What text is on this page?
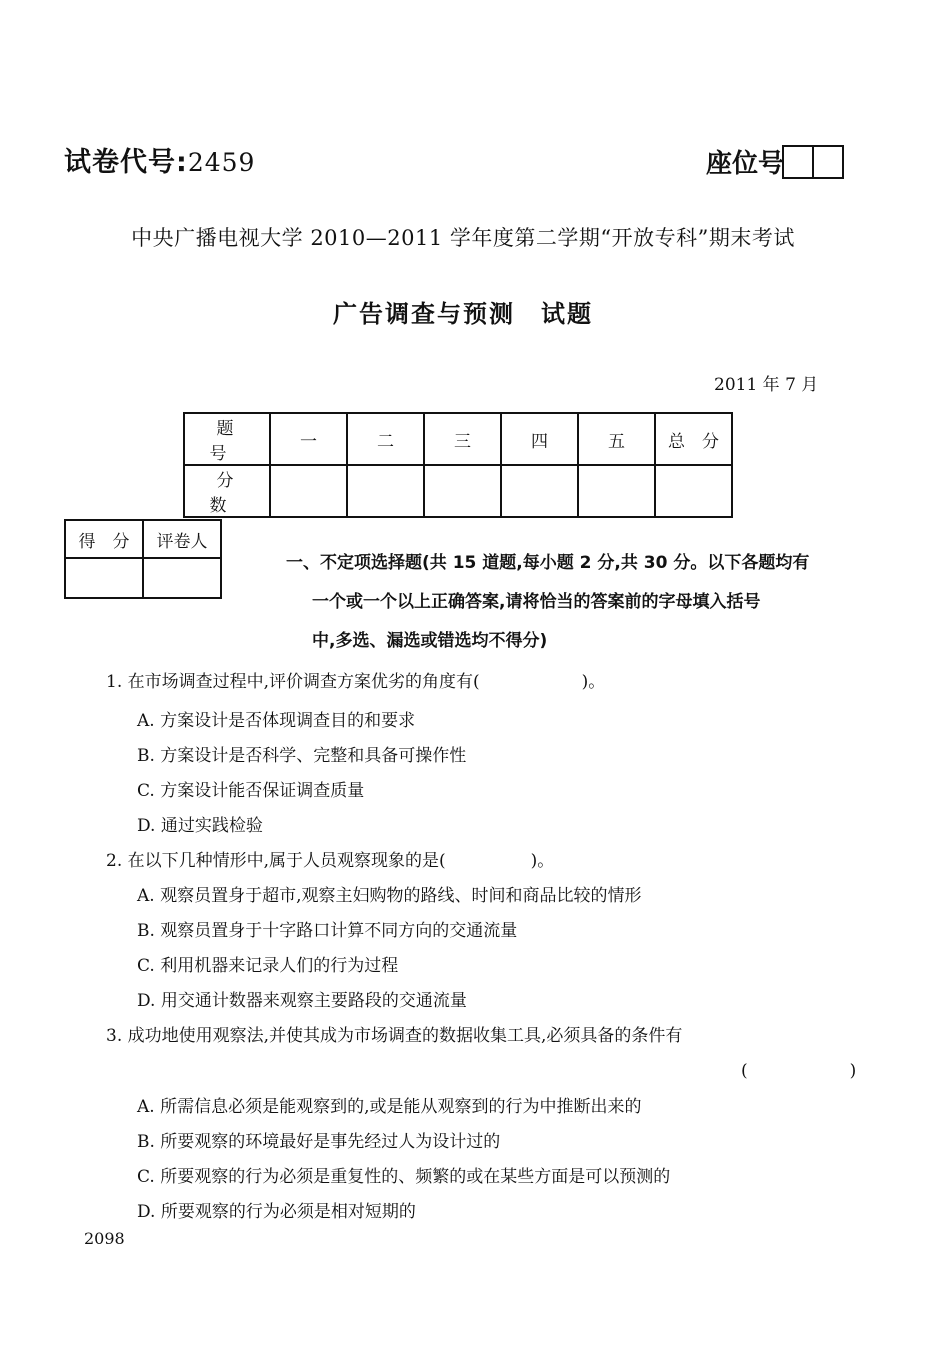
试卷代号:2459	座位号
中央广播电视大学 2010—2011 学年度第二学期“开放专科”期末考试
广告调查与预测　试题
2011 年 7 月
题　号	一	二	三	四	五	总　分
分　数						
得　分	评卷人

一、不定项选择题(共 15 道题,每小题 2 分,共 30 分。以下各题均有
一个或一个以上正确答案,请将恰当的答案前的字母填入括号
中,多选、漏选或错选均不得分)
1. 在市场调查过程中,评价调查方案优劣的角度有(　　　　　　)。
A. 方案设计是否体现调查目的和要求
B. 方案设计是否科学、完整和具备可操作性
C. 方案设计能否保证调查质量
D. 通过实践检验
2. 在以下几种情形中,属于人员观察现象的是(　　　　　)。
A. 观察员置身于超市,观察主妇购物的路线、时间和商品比较的情形
B. 观察员置身于十字路口计算不同方向的交通流量
C. 利用机器来记录人们的行为过程
D. 用交通计数器来观察主要路段的交通流量
3. 成功地使用观察法,并使其成为市场调查的数据收集工具,必须具备的条件有
(　　　　　　)
A. 所需信息必须是能观察到的,或是能从观察到的行为中推断出来的
B. 所要观察的环境最好是事先经过人为设计过的
C. 所要观察的行为必须是重复性的、频繁的或在某些方面是可以预测的
D. 所要观察的行为必须是相对短期的
2098
